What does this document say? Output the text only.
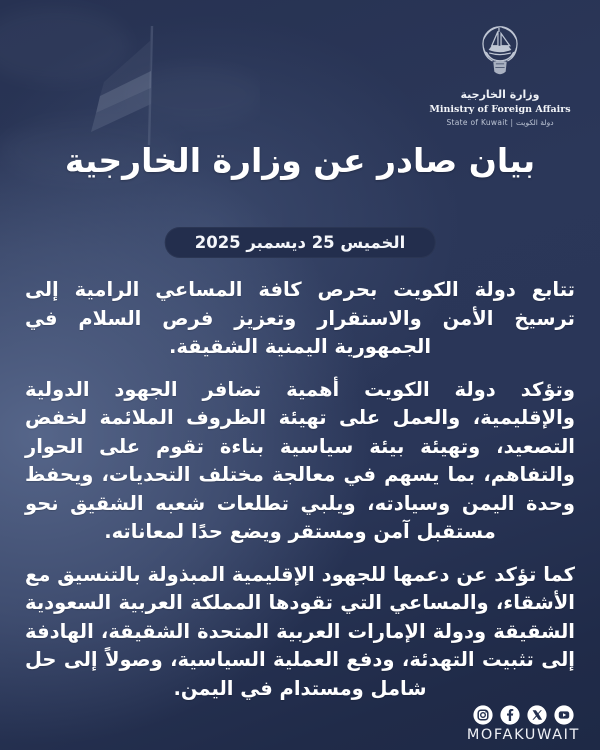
وزارة الخارجية
Ministry of Foreign Affairs
State of Kuwait | دولة الكويت
بيان صادر عن وزارة الخارجية
الخميس 25 ديسمبر 2025

تتابع دولة الكويت بحرص كافة المساعي الرامية إلى ترسيخ الأمن والاستقرار وتعزيز فرص السلام في الجمهورية اليمنية الشقيقة.

وتؤكد دولة الكويت أهمية تضافر الجهود الدولية والإقليمية، والعمل على تهيئة الظروف الملائمة لخفض التصعيد، وتهيئة بيئة سياسية بناءة تقوم على الحوار والتفاهم، بما يسهم في معالجة مختلف التحديات، ويحفظ وحدة اليمن وسيادته، ويلبي تطلعات شعبه الشقيق نحو مستقبل آمن ومستقر ويضع حدًا لمعاناته.

كما تؤكد عن دعمها للجهود الإقليمية المبذولة بالتنسيق مع الأشقاء، والمساعي التي تقودها المملكة العربية السعودية الشقيقة ودولة الإمارات العربية المتحدة الشقيقة، الهادفة إلى تثبيت التهدئة، ودفع العملية السياسية، وصولاً إلى حل شامل ومستدام في اليمن.

MOFAKUWAIT
